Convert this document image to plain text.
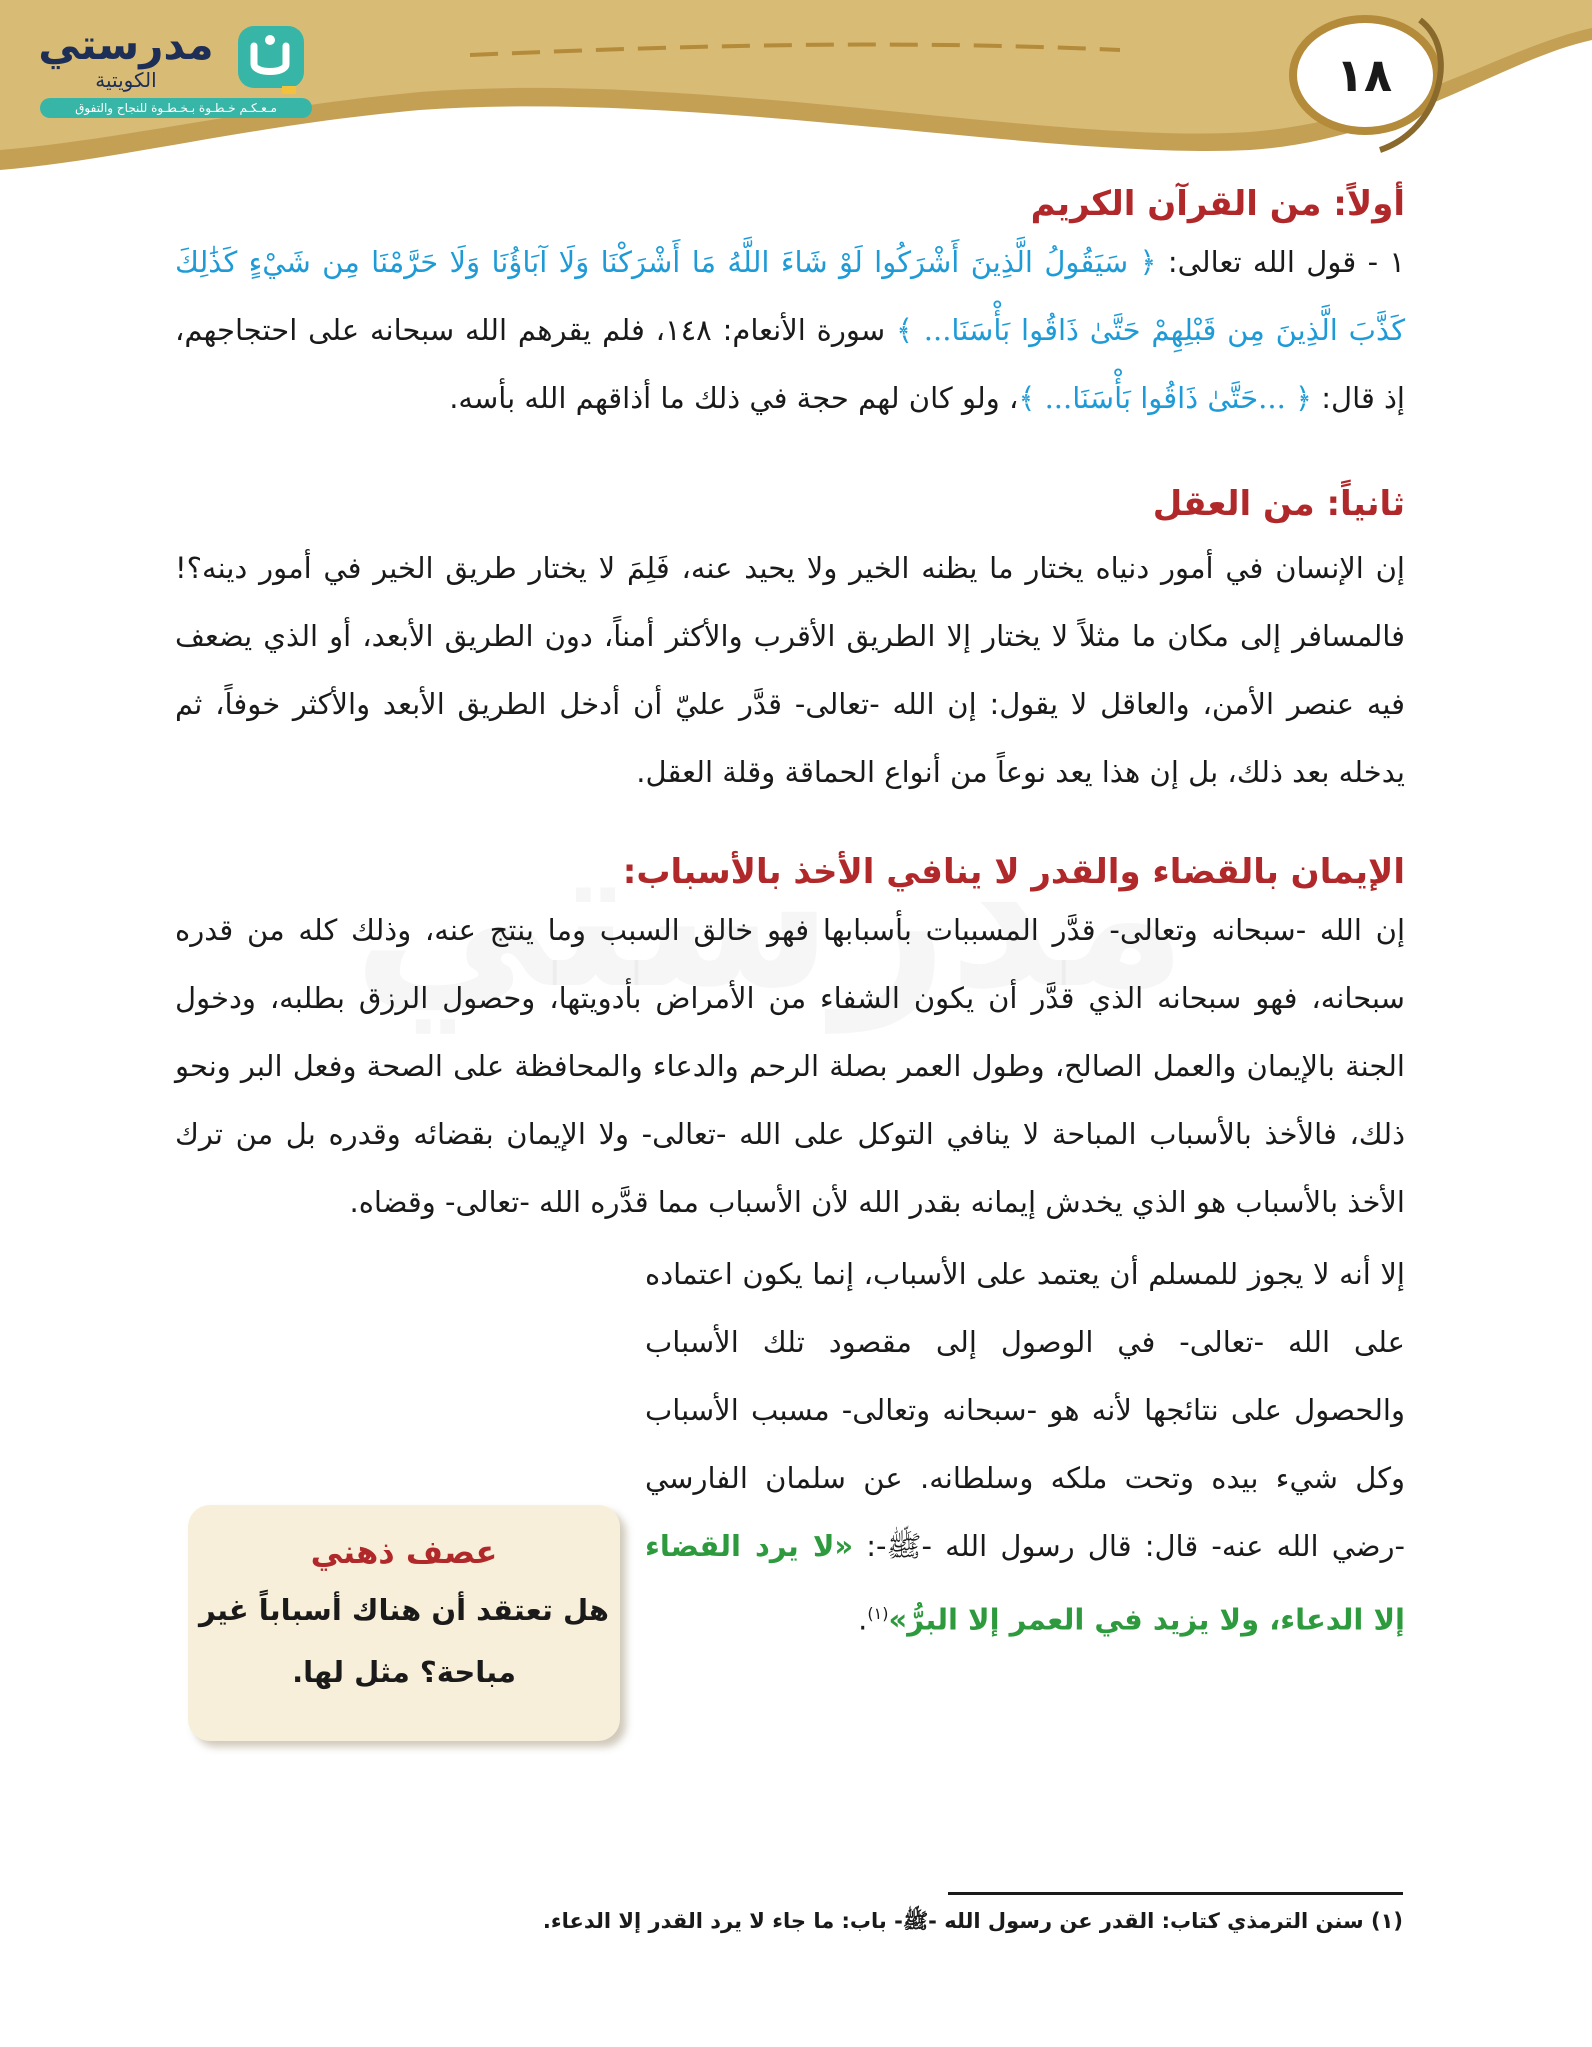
مدرستي
الكويتية
مـعـكـم خـطـوة بـخـطـوة للنجاح والتفوق
١٨
أولاً: من القرآن الكريم

١ - قول الله تعالى: ﴿ سَيَقُولُ الَّذِينَ أَشْرَكُوا لَوْ شَاءَ اللَّهُ مَا أَشْرَكْنَا وَلَا آبَاؤُنَا وَلَا حَرَّمْنَا مِن شَيْءٍ كَذَٰلِكَ كَذَّبَ الَّذِينَ مِن قَبْلِهِمْ حَتَّىٰ ذَاقُوا بَأْسَنَا... ﴾ سورة الأنعام: ١٤٨، فلم يقرهم الله سبحانه على احتجاجهم، إذ قال: ﴿ ...حَتَّىٰ ذَاقُوا بَأْسَنَا... ﴾، ولو كان لهم حجة في ذلك ما أذاقهم الله بأسه.

ثانياً: من العقل

إن الإنسان في أمور دنياه يختار ما يظنه الخير ولا يحيد عنه، فَلِمَ لا يختار طريق الخير في أمور دينه؟! فالمسافر إلى مكان ما مثلاً لا يختار إلا الطريق الأقرب والأكثر أمناً، دون الطريق الأبعد، أو الذي يضعف فيه عنصر الأمن، والعاقل لا يقول: إن الله -تعالى- قدَّر عليّ أن أدخل الطريق الأبعد والأكثر خوفاً، ثم يدخله بعد ذلك، بل إن هذا يعد نوعاً من أنواع الحماقة وقلة العقل.

الإيمان بالقضاء والقدر لا ينافي الأخذ بالأسباب:

إن الله -سبحانه وتعالى- قدَّر المسببات بأسبابها فهو خالق السبب وما ينتج عنه، وذلك كله من قدره سبحانه، فهو سبحانه الذي قدَّر أن يكون الشفاء من الأمراض بأدويتها، وحصول الرزق بطلبه، ودخول الجنة بالإيمان والعمل الصالح، وطول العمر بصلة الرحم والدعاء والمحافظة على الصحة وفعل البر ونحو ذلك، فالأخذ بالأسباب المباحة لا ينافي التوكل على الله -تعالى- ولا الإيمان بقضائه وقدره بل من ترك الأخذ بالأسباب هو الذي يخدش إيمانه بقدر الله لأن الأسباب مما قدَّره الله -تعالى- وقضاه.

إلا أنه لا يجوز للمسلم أن يعتمد على الأسباب، إنما يكون اعتماده على الله -تعالى- في الوصول إلى مقصود تلك الأسباب والحصول على نتائجها لأنه هو -سبحانه وتعالى- مسبب الأسباب وكل شيء بيده وتحت ملكه وسلطانه. عن سلمان الفارسي -رضي الله عنه- قال: قال رسول الله -ﷺ-: «لا يرد القضاء إلا الدعاء، ولا يزيد في العمر إلا البرُّ»$^{(١)}$.

عصف ذهني
هل تعتقد أن هناك أسباباً غير مباحة؟ مثل لها.
(١) سنن الترمذي كتاب: القدر عن رسول الله -ﷺ- باب: ما جاء لا يرد القدر إلا الدعاء.
